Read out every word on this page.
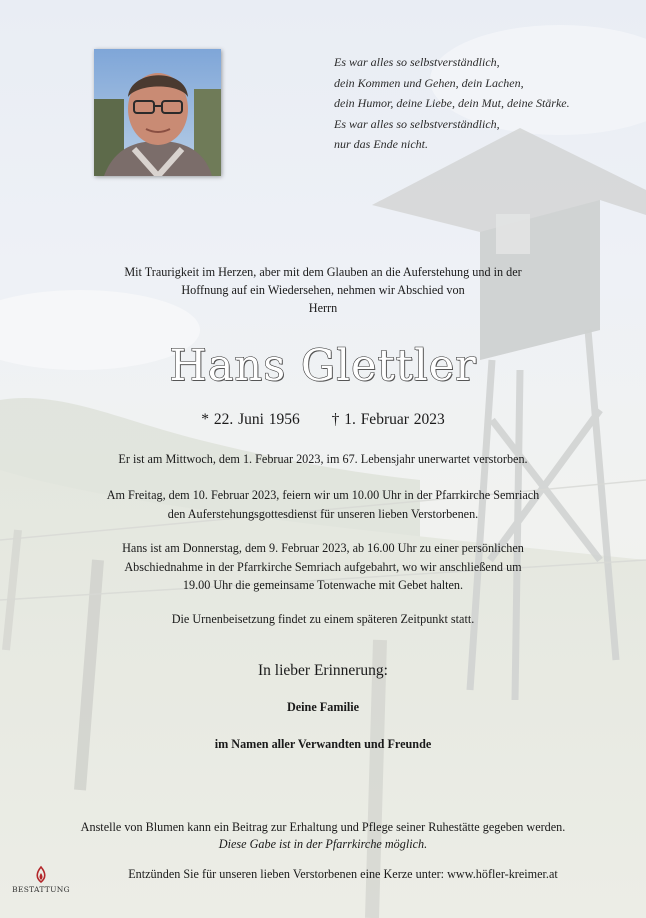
Es war alles so selbstverständlich,
dein Kommen und Gehen, dein Lachen,
dein Humor, deine Liebe, dein Mut, deine Stärke.
Es war alles so selbstverständlich,
nur das Ende nicht.
Mit Traurigkeit im Herzen, aber mit dem Glauben an die Auferstehung und in der
Hoffnung auf ein Wiedersehen, nehmen wir Abschied von
Herrn
Hans Glettler
* 22. Juni 1956 † 1. Februar 2023
Er ist am Mittwoch, dem 1. Februar 2023, im 67. Lebensjahr unerwartet verstorben.
Am Freitag, dem 10. Februar 2023, feiern wir um 10.00 Uhr in der Pfarrkirche Semriach
den Auferstehungsgottesdienst für unseren lieben Verstorbenen.
Hans ist am Donnerstag, dem 9. Februar 2023, ab 16.00 Uhr zu einer persönlichen
Abschiednahme in der Pfarrkirche Semriach aufgebahrt, wo wir anschließend um
19.00 Uhr die gemeinsame Totenwache mit Gebet halten.
Die Urnenbeisetzung findet zu einem späteren Zeitpunkt statt.
In lieber Erinnerung:
Deine Familie
im Namen aller Verwandten und Freunde
Anstelle von Blumen kann ein Beitrag zur Erhaltung und Pflege seiner Ruhestätte gegeben werden.
Diese Gabe ist in der Pfarrkirche möglich.
Entzünden Sie für unseren lieben Verstorbenen eine Kerze unter: www.höfler-kreimer.at
BESTATTUNG
